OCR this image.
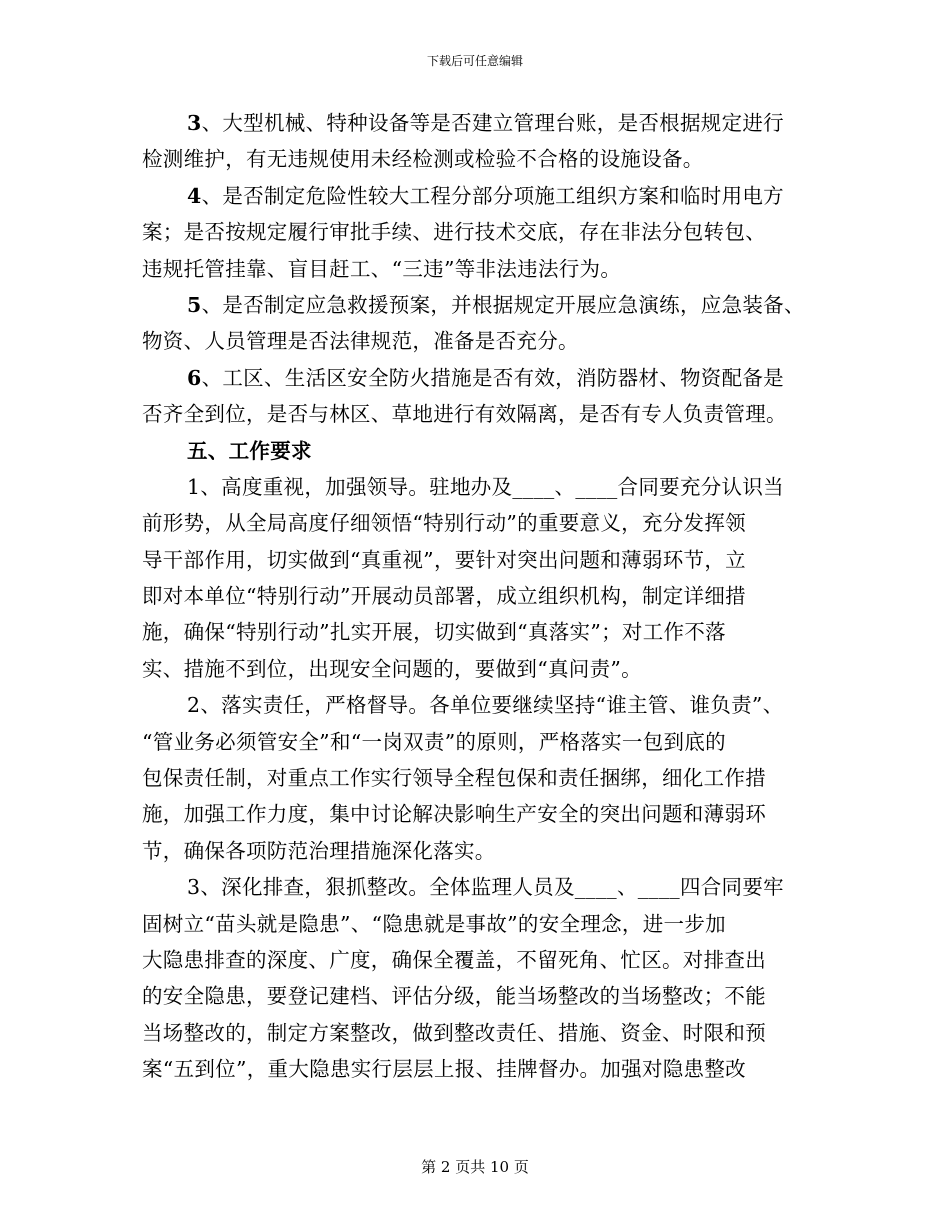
下载后可任意编辑
3、大型机械、特种设备等是否建立管理台账，是否根据规定进行
检测维护，有无违规使用未经检测或检验不合格的设施设备。
4、是否制定危险性较大工程分部分项施工组织方案和临时用电方
案；是否按规定履行审批手续、进行技术交底，存在非法分包转包、
违规托管挂靠、盲目赶工、“三违”等非法违法行为。
5、是否制定应急救援预案，并根据规定开展应急演练，应急装备、
物资、人员管理是否法律规范，准备是否充分。
6、工区、生活区安全防火措施是否有效，消防器材、物资配备是
否齐全到位，是否与林区、草地进行有效隔离，是否有专人负责管理。
五、工作要求
1、高度重视，加强领导。驻地办及____、____合同要充分认识当
前形势，从全局高度仔细领悟“特别行动”的重要意义，充分发挥领
导干部作用，切实做到“真重视”，要针对突出问题和薄弱环节，立
即对本单位“特别行动”开展动员部署，成立组织机构，制定详细措
施，确保“特别行动”扎实开展，切实做到“真落实”；对工作不落
实、措施不到位，出现安全问题的，要做到“真问责”。
2、落实责任，严格督导。各单位要继续坚持“谁主管、谁负责”、
“管业务必须管安全”和“一岗双责”的原则，严格落实一包到底的
包保责任制，对重点工作实行领导全程包保和责任捆绑，细化工作措
施，加强工作力度，集中讨论解决影响生产安全的突出问题和薄弱环
节，确保各项防范治理措施深化落实。
3、深化排查，狠抓整改。全体监理人员及____、____四合同要牢
固树立“苗头就是隐患”、“隐患就是事故”的安全理念，进一步加
大隐患排查的深度、广度，确保全覆盖，不留死角、忙区。对排查出
的安全隐患，要登记建档、评估分级，能当场整改的当场整改；不能
当场整改的，制定方案整改，做到整改责任、措施、资金、时限和预
案“五到位”，重大隐患实行层层上报、挂牌督办。加强对隐患整改
第 2 页共 10 页
